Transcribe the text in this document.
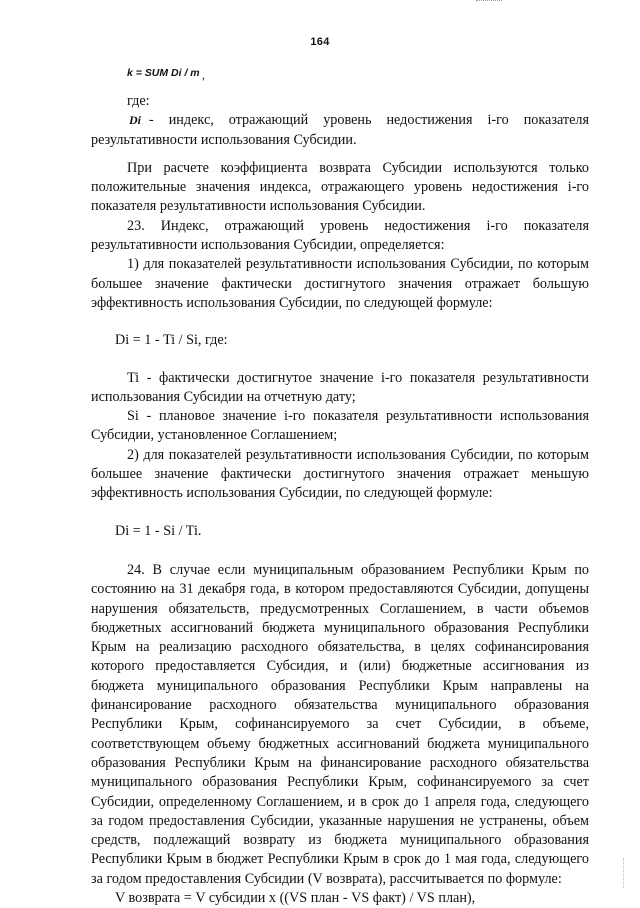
164
k = SUM Di / m ,

где:

Di - индекс, отражающий уровень недостижения i-го показателя результативности использования Субсидии.

При расчете коэффициента возврата Субсидии используются только положительные значения индекса, отражающего уровень недостижения i-го показателя результативности использования Субсидии.

23. Индекс, отражающий уровень недостижения i-го показателя результативности использования Субсидии, определяется:

1) для показателей результативности использования Субсидии, по которым большее значение фактически достигнутого значения отражает большую эффективность использования Субсидии, по следующей формуле:

Di = 1 - Ti / Si, где:

Ti - фактически достигнутое значение i-го показателя результативности использования Субсидии на отчетную дату;

Si - плановое значение i-го показателя результативности использования Субсидии, установленное Соглашением;

2) для показателей результативности использования Субсидии, по которым большее значение фактически достигнутого значения отражает меньшую эффективность использования Субсидии, по следующей формуле:

Di = 1 - Si / Ti.

24. В случае если муниципальным образованием Республики Крым по состоянию на 31 декабря года, в котором предоставляются Субсидии, допущены нарушения обязательств, предусмотренных Соглашением, в части объемов бюджетных ассигнований бюджета муниципального образования Республики Крым на реализацию расходного обязательства, в целях софинансирования которого предоставляется Субсидия, и (или) бюджетные ассигнования из бюджета муниципального образования Республики Крым направлены на финансирование расходного обязательства муниципального образования Республики Крым, софинансируемого за счет Субсидии, в объеме, соответствующем объему бюджетных ассигнований бюджета муниципального образования Республики Крым на финансирование расходного обязательства муниципального образования Республики Крым, софинансируемого за счет Субсидии, определенному Соглашением, и в срок до 1 апреля года, следующего за годом предоставления Субсидии, указанные нарушения не устранены, объем средств, подлежащий возврату из бюджета муниципального образования Республики Крым в бюджет Республики Крым в срок до 1 мая года, следующего за годом предоставления Субсидии (V возврата), рассчитывается по формуле:

V возврата = V субсидии x ((VS план - VS факт) / VS план),
